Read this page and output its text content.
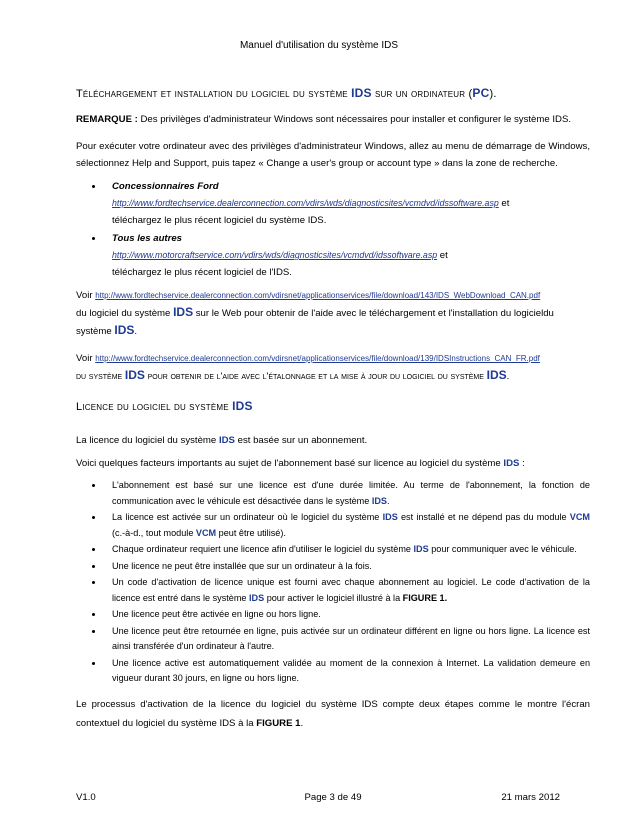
Manuel d'utilisation du système IDS
Téléchargement et installation du logiciel du système IDS sur un ordinateur (PC).

REMARQUE : Des privilèges d'administrateur Windows sont nécessaires pour installer et configurer le système IDS.

Pour exécuter votre ordinateur avec des privilèges d'administrateur Windows, allez au menu de démarrage de Windows, sélectionnez Help and Support, puis tapez « Change a user's group or account type » dans la zone de recherche.

• Concessionnaires Ford
http://www.fordtechservice.dealerconnection.com/vdirs/wds/diagnosticsites/vcmdvd/idssoftware.asp et
téléchargez le plus récent logiciel du système IDS.
• Tous les autres
http://www.motorcraftservice.com/vdirs/wds/diagnosticsites/vcmdvd/idssoftware.asp et
téléchargez le plus récent logiciel de l'IDS.

Voir http://www.fordtechservice.dealerconnection.com/vdirsnet/applicationservices/file/download/143/IDS_WebDownload_CAN.pdf
du logiciel du système IDS sur le Web pour obtenir de l'aide avec le téléchargement et l'installation du logicieldu système IDS.

Voir http://www.fordtechservice.dealerconnection.com/vdirsnet/applicationservices/file/download/139/IDSInstructions_CAN_FR.pdf
du système IDS pour obtenir de l'aide avec l'étalonnage et la mise à jour du logiciel du système IDS.

Licence du logiciel du système IDS

La licence du logiciel du système IDS est basée sur un abonnement.

Voici quelques facteurs importants au sujet de l'abonnement basé sur licence au logiciel du système IDS :

• L'abonnement est basé sur une licence est d'une durée limitée. Au terme de l'abonnement, la fonction de communication avec le véhicule est désactivée dans le système IDS.
• La licence est activée sur un ordinateur où le logiciel du système IDS est installé et ne dépend pas du module VCM (c.-à-d., tout module VCM peut être utilisé).
• Chaque ordinateur requiert une licence afin d'utiliser le logiciel du système IDS pour communiquer avec le véhicule.
• Une licence ne peut être installée que sur un ordinateur à la fois.
• Un code d'activation de licence unique est fourni avec chaque abonnement au logiciel. Le code d'activation de la licence est entré dans le système IDS pour activer le logiciel illustré à la FIGURE 1.
• Une licence peut être activée en ligne ou hors ligne.
• Une licence peut être retournée en ligne, puis activée sur un ordinateur différent en ligne ou hors ligne. La licence est ainsi transférée d'un ordinateur à l'autre.
• Une licence active est automatiquement validée au moment de la connexion à Internet. La validation demeure en vigueur durant 30 jours, en ligne ou hors ligne.

Le processus d'activation de la licence du logiciel du système IDS compte deux étapes comme le montre l'écran contextuel du logiciel du système IDS à la FIGURE 1.

V1.0	Page 3 de 49	21 mars 2012
